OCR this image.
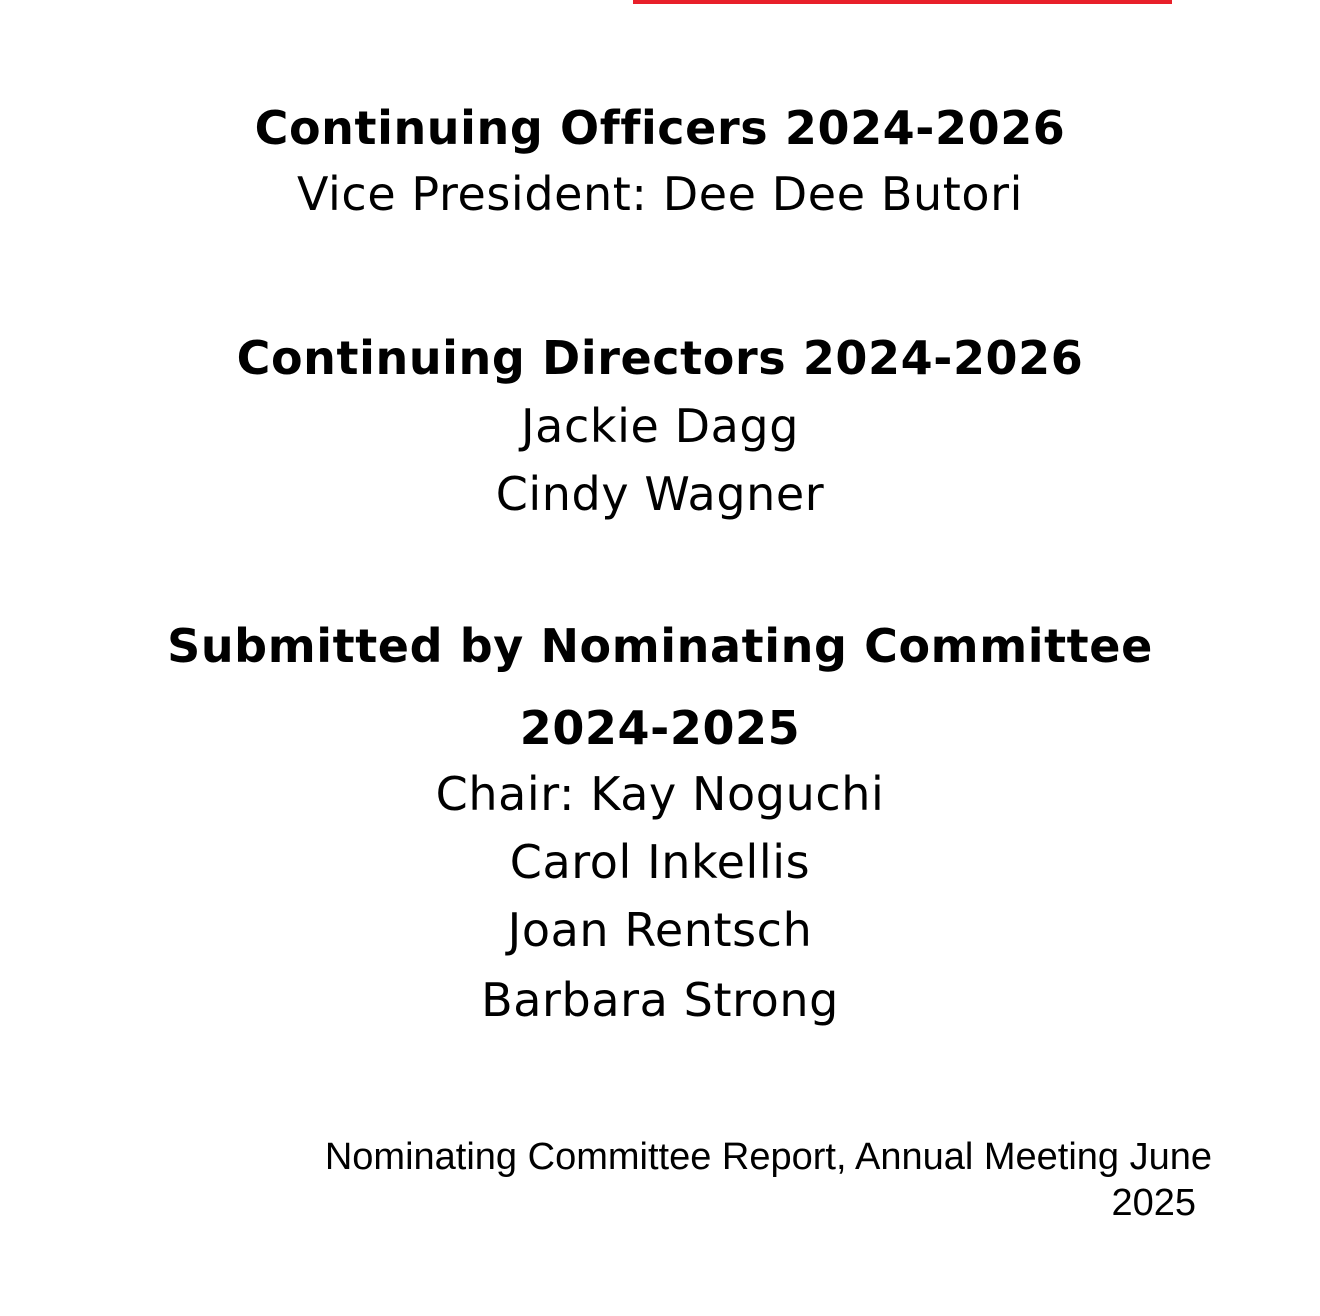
Continuing Officers 2024-2026
Vice President: Dee Dee Butori
Continuing Directors 2024-2026
Jackie Dagg
Cindy Wagner
Submitted by Nominating Committee
2024-2025
Chair: Kay Noguchi
Carol Inkellis
Joan Rentsch
Barbara Strong
Nominating Committee Report, Annual Meeting June
2025
